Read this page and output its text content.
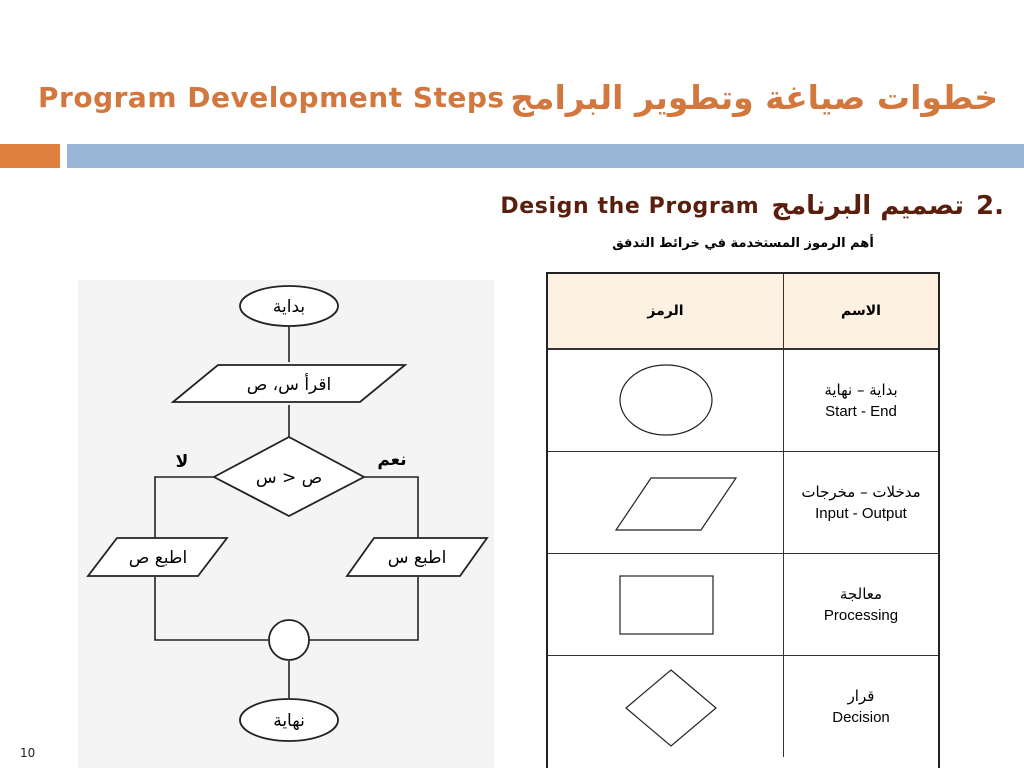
Program Development Steps خطوات صياغة وتطوير البرامج
Design the Program تصميم البرنامج 2.
بداية
اقرأ س، ص
ص < س
نعم
لا
اطبع س
اطبع ص
نهاية
أهم الرموز المستخدمة في خرائط التدفق
الرمز	الاسم
بداية – نهاية
Start - End
مدخلات – مخرجات
Input - Output
معالجة
Processing
قرار
Decision
10
